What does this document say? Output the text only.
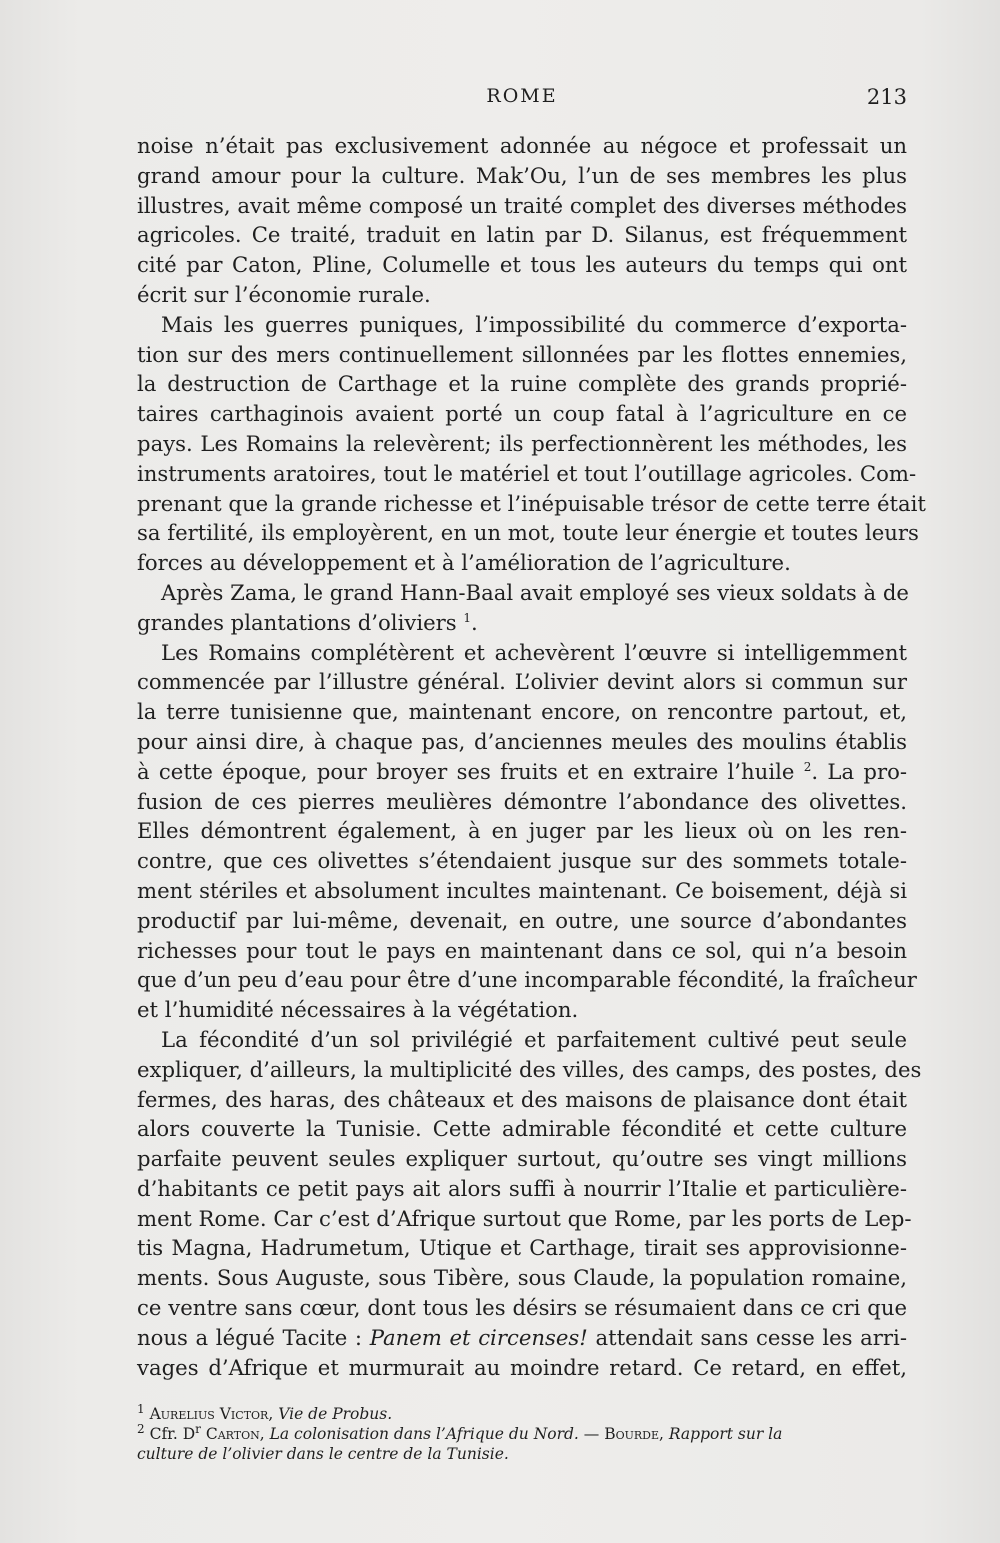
ROME	213

noise n’était pas exclusivement adonnée au négoce et professait un
grand amour pour la culture. Mak’Ou, l’un de ses membres les plus
illustres, avait même composé un traité complet des diverses méthodes
agricoles. Ce traité, traduit en latin par D. Silanus, est fréquemment
cité par Caton, Pline, Columelle et tous les auteurs du temps qui ont
écrit sur l’économie rurale.

Mais les guerres puniques, l’impossibilité du commerce d’exporta-
tion sur des mers continuellement sillonnées par les flottes ennemies,
la destruction de Carthage et la ruine complète des grands proprié-
taires carthaginois avaient porté un coup fatal à l’agriculture en ce
pays. Les Romains la relevèrent; ils perfectionnèrent les méthodes, les
instruments aratoires, tout le matériel et tout l’outillage agricoles. Com-
prenant que la grande richesse et l’inépuisable trésor de cette terre était
sa fertilité, ils employèrent, en un mot, toute leur énergie et toutes leurs
forces au développement et à l’amélioration de l’agriculture.

Après Zama, le grand Hann-Baal avait employé ses vieux soldats à de
grandes plantations d’oliviers $^1$.

Les Romains complétèrent et achevèrent l’œuvre si intelligemment
commencée par l’illustre général. L’olivier devint alors si commun sur
la terre tunisienne que, maintenant encore, on rencontre partout, et,
pour ainsi dire, à chaque pas, d’anciennes meules des moulins établis
à cette époque, pour broyer ses fruits et en extraire l’huile $^2$. La pro-
fusion de ces pierres meulières démontre l’abondance des olivettes.
Elles démontrent également, à en juger par les lieux où on les ren-
contre, que ces olivettes s’étendaient jusque sur des sommets totale-
ment stériles et absolument incultes maintenant. Ce boisement, déjà si
productif par lui-même, devenait, en outre, une source d’abondantes
richesses pour tout le pays en maintenant dans ce sol, qui n’a besoin
que d’un peu d’eau pour être d’une incomparable fécondité, la fraîcheur
et l’humidité nécessaires à la végétation.

La fécondité d’un sol privilégié et parfaitement cultivé peut seule
expliquer, d’ailleurs, la multiplicité des villes, des camps, des postes, des
fermes, des haras, des châteaux et des maisons de plaisance dont était
alors couverte la Tunisie. Cette admirable fécondité et cette culture
parfaite peuvent seules expliquer surtout, qu’outre ses vingt millions
d’habitants ce petit pays ait alors suffi à nourrir l’Italie et particulière-
ment Rome. Car c’est d’Afrique surtout que Rome, par les ports de Lep-
tis Magna, Hadrumetum, Utique et Carthage, tirait ses approvisionne-
ments. Sous Auguste, sous Tibère, sous Claude, la population romaine,
ce ventre sans cœur, dont tous les désirs se résumaient dans ce cri que
nous a légué Tacite : Panem et circenses! attendait sans cesse les arri-
vages d’Afrique et murmurait au moindre retard. Ce retard, en effet,

$^1$ Aurelius Victor, Vie de Probus.
$^2$ Cfr. $D^r$ Carton, La colonisation dans l’Afrique du Nord. — Bourde, Rapport sur la
culture de l’olivier dans le centre de la Tunisie.
